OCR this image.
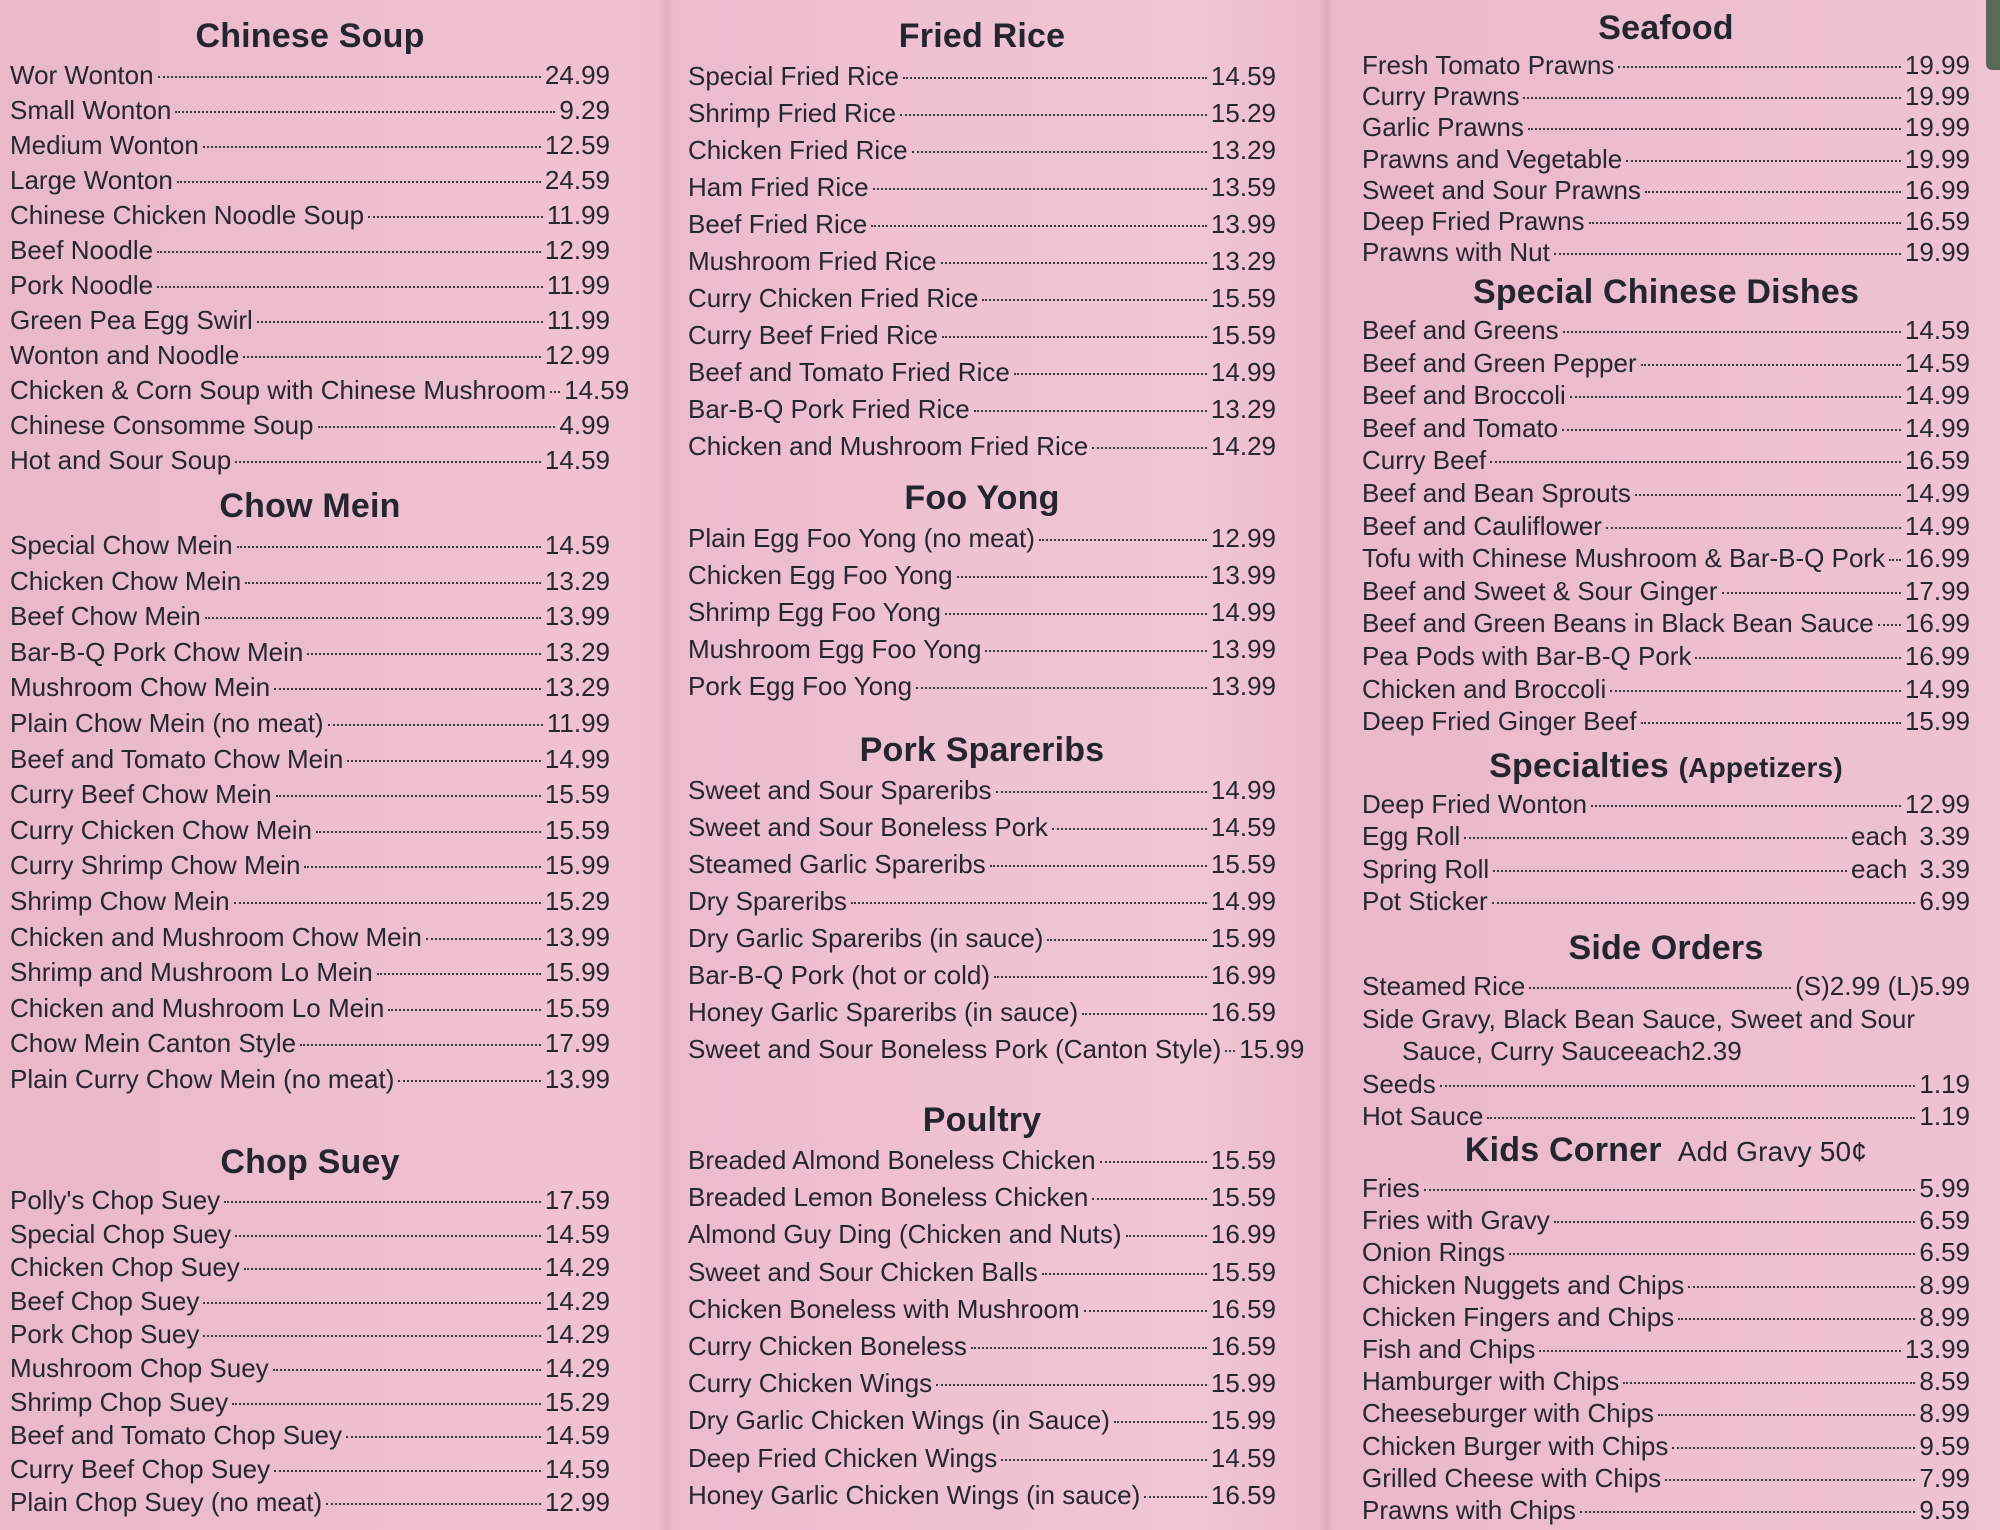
Chinese Soup
Wor Wonton	24.99
Small Wonton	9.29
Medium Wonton	12.59
Large Wonton	24.59
Chinese Chicken Noodle Soup	11.99
Beef Noodle	12.99
Pork Noodle	11.99
Green Pea Egg Swirl	11.99
Wonton and Noodle	12.99
Chicken & Corn Soup with Chinese Mushroom 14.59
Chinese Consomme Soup	4.99
Hot and Sour Soup	14.59
Chow Mein
Special Chow Mein	14.59
Chicken Chow Mein	13.29
Beef Chow Mein	13.99
Bar-B-Q Pork Chow Mein	13.29
Mushroom Chow Mein	13.29
Plain Chow Mein (no meat)	11.99
Beef and Tomato Chow Mein	14.99
Curry Beef Chow Mein	15.59
Curry Chicken Chow Mein	15.59
Curry Shrimp Chow Mein	15.99
Shrimp Chow Mein	15.29
Chicken and Mushroom Chow Mein	13.99
Shrimp and Mushroom Lo Mein	15.99
Chicken and Mushroom Lo Mein	15.59
Chow Mein Canton Style	17.99
Plain Curry Chow Mein (no meat)	13.99
Chop Suey
Polly's Chop Suey	17.59
Special Chop Suey	14.59
Chicken Chop Suey	14.29
Beef Chop Suey	14.29
Pork Chop Suey	14.29
Mushroom Chop Suey	14.29
Shrimp Chop Suey	15.29
Beef and Tomato Chop Suey	14.59
Curry Beef Chop Suey	14.59
Plain Chop Suey (no meat)	12.99
Fried Rice
Special Fried Rice	14.59
Shrimp Fried Rice	15.29
Chicken Fried Rice	13.29
Ham Fried Rice	13.59
Beef Fried Rice	13.99
Mushroom Fried Rice	13.29
Curry Chicken Fried Rice	15.59
Curry Beef Fried Rice	15.59
Beef and Tomato Fried Rice	14.99
Bar-B-Q Pork Fried Rice	13.29
Chicken and Mushroom Fried Rice	14.29
Foo Yong
Plain Egg Foo Yong (no meat)	12.99
Chicken Egg Foo Yong	13.99
Shrimp Egg Foo Yong	14.99
Mushroom Egg Foo Yong	13.99
Pork Egg Foo Yong	13.99
Pork Spareribs
Sweet and Sour Spareribs	14.99
Sweet and Sour Boneless Pork	14.59
Steamed Garlic Spareribs	15.59
Dry Spareribs	14.99
Dry Garlic Spareribs (in sauce)	15.99
Bar-B-Q Pork (hot or cold)	16.99
Honey Garlic Spareribs (in sauce)	16.59
Sweet and Sour Boneless Pork (Canton Style) 15.99
Poultry
Breaded Almond Boneless Chicken	15.59
Breaded Lemon Boneless Chicken	15.59
Almond Guy Ding (Chicken and Nuts)	16.99
Sweet and Sour Chicken Balls	15.59
Chicken Boneless with Mushroom	16.59
Curry Chicken Boneless	16.59
Curry Chicken Wings	15.99
Dry Garlic Chicken Wings (in Sauce)	15.99
Deep Fried Chicken Wings	14.59
Honey Garlic Chicken Wings (in sauce)	16.59
Seafood
Fresh Tomato Prawns	19.99
Curry Prawns	19.99
Garlic Prawns	19.99
Prawns and Vegetable	19.99
Sweet and Sour Prawns	16.99
Deep Fried Prawns	16.59
Prawns with Nut	19.99
Special Chinese Dishes
Beef and Greens	14.59
Beef and Green Pepper	14.59
Beef and Broccoli	14.99
Beef and Tomato	14.99
Curry Beef	16.59
Beef and Bean Sprouts	14.99
Beef and Cauliflower	14.99
Tofu with Chinese Mushroom & Bar-B-Q Pork 16.99
Beef and Sweet & Sour Ginger	17.99
Beef and Green Beans in Black Bean Sauce 16.99
Pea Pods with Bar-B-Q Pork	16.99
Chicken and Broccoli	14.99
Deep Fried Ginger Beef	15.99
Specialties (Appetizers)
Deep Fried Wonton	12.99
Egg Roll	each 3.39
Spring Roll	each 3.39
Pot Sticker	6.99
Side Orders
Steamed Rice	(S)2.99 (L)5.99
Side Gravy, Black Bean Sauce, Sweet and Sour
Sauce, Curry Sauce each 2.39
Seeds	1.19
Hot Sauce	1.19
Kids Corner Add Gravy 50¢
Fries	5.99
Fries with Gravy	6.59
Onion Rings	6.59
Chicken Nuggets and Chips	8.99
Chicken Fingers and Chips	8.99
Fish and Chips	13.99
Hamburger with Chips	8.59
Cheeseburger with Chips	8.99
Chicken Burger with Chips	9.59
Grilled Cheese with Chips	7.99
Prawns with Chips	9.59
